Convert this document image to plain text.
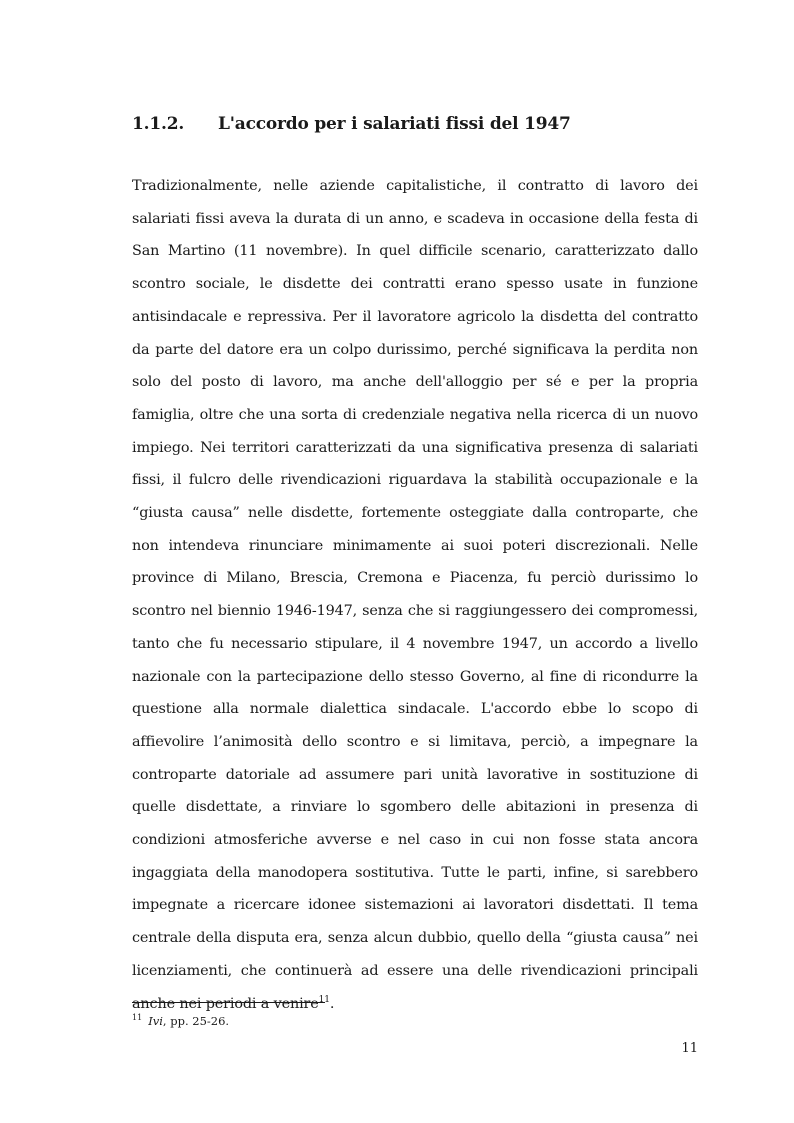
1.1.2. L'accordo per i salariati fissi del 1947

Tradizionalmente, nelle aziende capitalistiche, il contratto di lavoro dei salariati fissi aveva la durata di un anno, e scadeva in occasione della festa di San Martino (11 novembre). In quel difficile scenario, caratterizzato dallo scontro sociale, le disdette dei contratti erano spesso usate in funzione antisindacale e repressiva. Per il lavoratore agricolo la disdetta del contratto da parte del datore era un colpo durissimo, perché significava la perdita non solo del posto di lavoro, ma anche dell'alloggio per sé e per la propria famiglia, oltre che una sorta di credenziale negativa nella ricerca di un nuovo impiego. Nei territori caratterizzati da una significativa presenza di salariati fissi, il fulcro delle rivendicazioni riguardava la stabilità occupazionale e la “giusta causa” nelle disdette, fortemente osteggiate dalla controparte, che non intendeva rinunciare minimamente ai suoi poteri discrezionali. Nelle province di Milano, Brescia, Cremona e Piacenza, fu perciò durissimo lo scontro nel biennio 1946-1947, senza che si raggiungessero dei compromessi, tanto che fu necessario stipulare, il 4 novembre 1947, un accordo a livello nazionale con la partecipazione dello stesso Governo, al fine di ricondurre la questione alla normale dialettica sindacale. L'accordo ebbe lo scopo di affievolire l’animosità dello scontro e si limitava, perciò, a impegnare la controparte datoriale ad assumere pari unità lavorative in sostituzione di quelle disdettate, a rinviare lo sgombero delle abitazioni in presenza di condizioni atmosferiche avverse e nel caso in cui non fosse stata ancora ingaggiata della manodopera sostitutiva. Tutte le parti, infine, si sarebbero impegnate a ricercare idonee sistemazioni ai lavoratori disdettati. Il tema centrale della disputa era, senza alcun dubbio, quello della “giusta causa” nei licenziamenti, che continuerà ad essere una delle rivendicazioni principali anche nei periodi a venire$^{11}$.

$^{11}$ Ivi, pp. 25-26.
11
